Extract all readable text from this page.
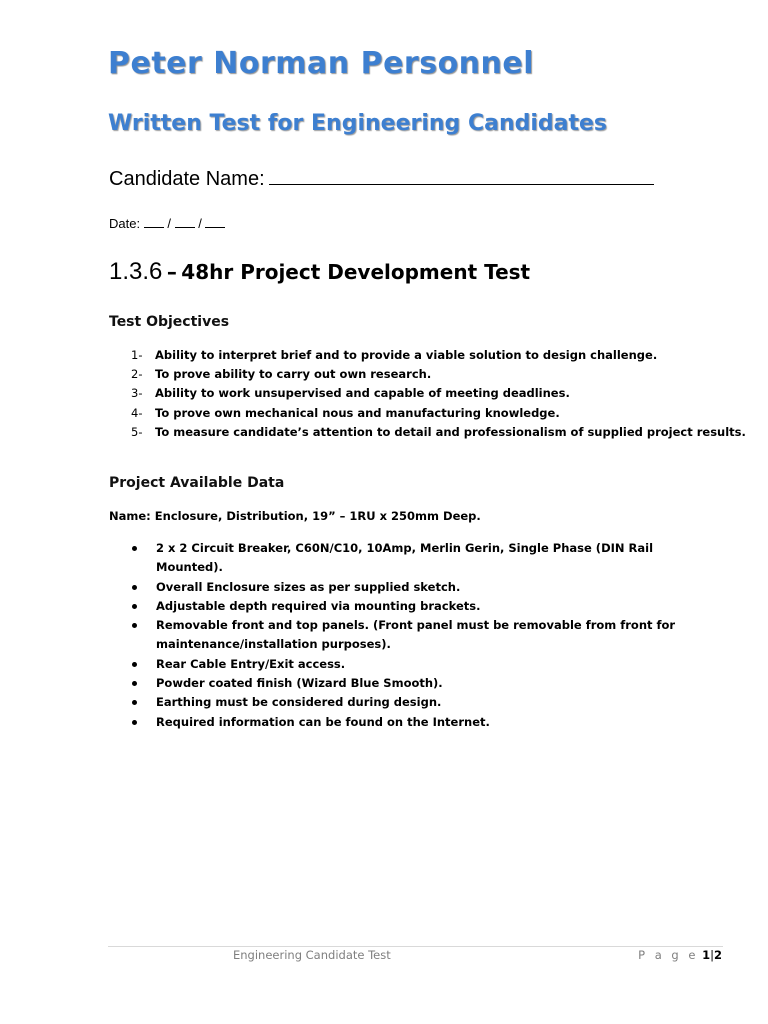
Peter Norman Personnel
Written Test for Engineering Candidates
Candidate Name:
Date: / /
1.3.6 – 48hr Project Development Test
Test Objectives
1- Ability to interpret brief and to provide a viable solution to design challenge.
2- To prove ability to carry out own research.
3- Ability to work unsupervised and capable of meeting deadlines.
4- To prove own mechanical nous and manufacturing knowledge.
5- To measure candidate’s attention to detail and professionalism of supplied project results.
Project Available Data
Name: Enclosure, Distribution, 19” – 1RU x 250mm Deep.
2 x 2 Circuit Breaker, C60N/C10, 10Amp, Merlin Gerin, Single Phase (DIN Rail Mounted).
Overall Enclosure sizes as per supplied sketch.
Adjustable depth required via mounting brackets.
Removable front and top panels. (Front panel must be removable from front for maintenance/installation purposes).
Rear Cable Entry/Exit access.
Powder coated finish (Wizard Blue Smooth).
Earthing must be considered during design.
Required information can be found on the Internet.
Engineering Candidate Test	P a g e 1|2
